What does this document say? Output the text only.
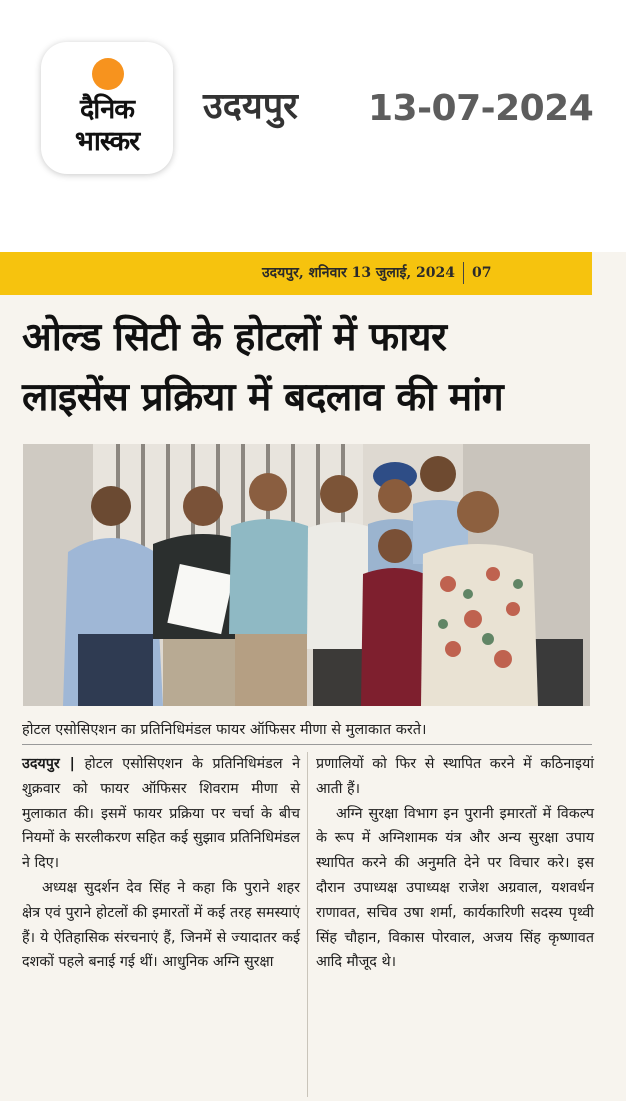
दैनिक
भास्कर
उदयपुर 13-07-2024
उदयपुर, शनिवार 13 जुलाई, 2024 07
ओल्ड सिटी के होटलों में फायर
लाइसेंस प्रक्रिया में बदलाव की मांग
होटल एसोसिएशन का प्रतिनिधिमंडल फायर ऑफिसर मीणा से मुलाकात करते।

उदयपुर | होटल एसोसिएशन के प्रतिनिधिमंडल ने शुक्रवार को फायर ऑफिसर शिवराम मीणा से मुलाकात की। इसमें फायर प्रक्रिया पर चर्चा के बीच नियमों के सरलीकरण सहित कई सुझाव प्रतिनिधिमंडल ने दिए।

अध्यक्ष सुदर्शन देव सिंह ने कहा कि पुराने शहर क्षेत्र एवं पुराने होटलों की इमारतों में कई तरह समस्याएं हैं। ये ऐतिहासिक संरचनाएं हैं, जिनमें से ज्यादातर कई दशकों पहले बनाई गई थीं। आधुनिक अग्नि सुरक्षा

प्रणालियों को फिर से स्थापित करने में कठिनाइयां आती हैं।

अग्नि सुरक्षा विभाग इन पुरानी इमारतों में विकल्प के रूप में अग्निशामक यंत्र और अन्य सुरक्षा उपाय स्थापित करने की अनुमति देने पर विचार करे। इस दौरान उपाध्यक्ष उपाध्यक्ष राजेश अग्रवाल, यशवर्धन राणावत, सचिव उषा शर्मा, कार्यकारिणी सदस्य पृथ्वी सिंह चौहान, विकास पोरवाल, अजय सिंह कृष्णावत आदि मौजूद थे।
